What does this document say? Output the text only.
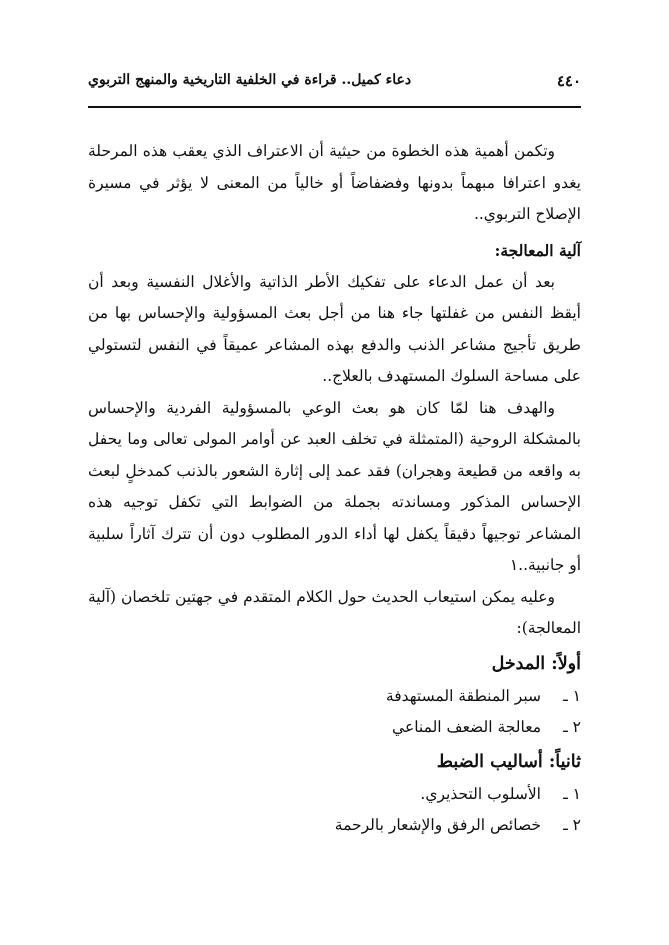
٤٤٠
دعاء كميل.. قراءة في الخلفية التاريخية والمنهج التربوي

وتكمن أهمية هذه الخطوة من حيثية أن الاعتراف الذي يعقب هذه المرحلة يغدو اعترافا مبهماً بدونها وفضفاضاً أو خالياً من المعنى لا يؤثر في مسيرة الإصلاح التربوي..

آلية المعالجة:

بعد أن عمل الدعاء على تفكيك الأطر الذاتية والأغلال النفسية وبعد أن أيقظ النفس من غفلتها جاء هنا من أجل بعث المسؤولية والإحساس بها من طريق تأجيج مشاعر الذنب والدفع بهذه المشاعر عميقاً في النفس لتستولي على مساحة السلوك المستهدف بالعلاج..

والهدف هنا لمّا كان هو بعث الوعي بالمسؤولية الفردية والإحساس بالمشكلة الروحية (المتمثلة في تخلف العبد عن أوامر المولى تعالى وما يحفل به واقعه من قطيعة وهجران) فقد عمد إلى إثارة الشعور بالذنب كمدخلٍ لبعث الإحساس المذكور ومساندته بجملة من الضوابط التي تكفل توجيه هذه المشاعر توجيهاً دقيقاً يكفل لها أداء الدور المطلوب دون أن تترك آثاراً سلبية أو جانبية..١

وعليه يمكن استيعاب الحديث حول الكلام المتقدم في جهتين تلخصان (آلية المعالجة):

أولاً: المدخل
١ ـ
سبر المنطقة المستهدفة
٢ ـ
معالجة الضعف المناعي
ثانياً: أساليب الضبط
١ ـ
الأسلوب التحذيري.
٢ ـ
خصائص الرفق والإشعار بالرحمة
